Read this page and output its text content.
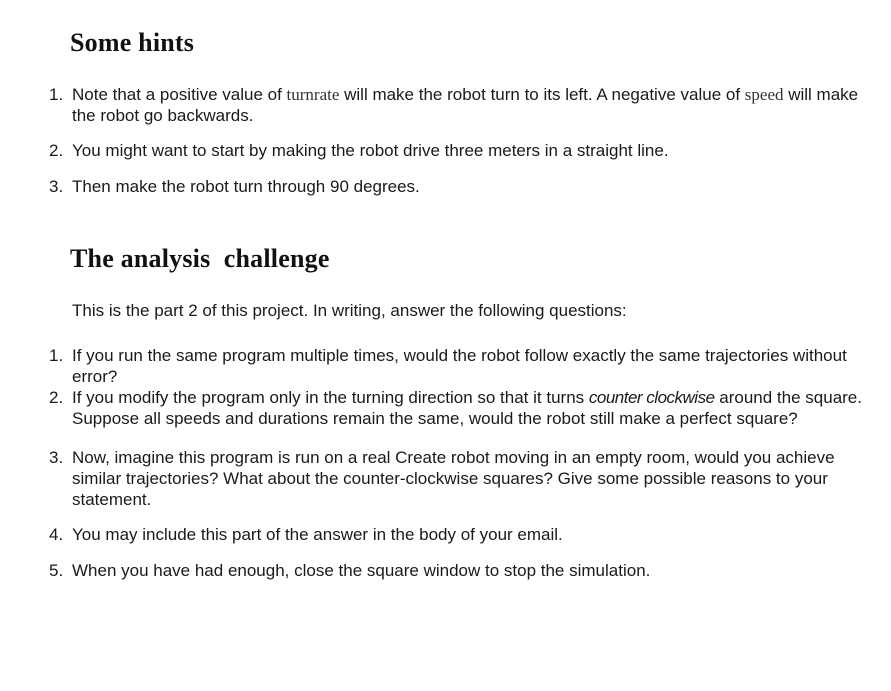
Some hints
1. Note that a positive value of turnrate will make the robot turn to its left. A negative value of speed will make the robot go backwards.
2. You might want to start by making the robot drive three meters in a straight line.
3. Then make the robot turn through 90 degrees.
The analysis  challenge

This is the part 2 of this project. In writing, answer the following questions:

1. If you run the same program multiple times, would the robot follow exactly the same trajectories without error?
2. If you modify the program only in the turning direction so that it turns counter clockwise around the square. Suppose all speeds and durations remain the same, would the robot still make a perfect square?
3. Now, imagine this program is run on a real Create robot moving in an empty room, would you achieve similar trajectories? What about the counter-clockwise squares? Give some possible reasons to your statement.
4. You may include this part of the answer in the body of your email.
5. When you have had enough, close the square window to stop the simulation.
